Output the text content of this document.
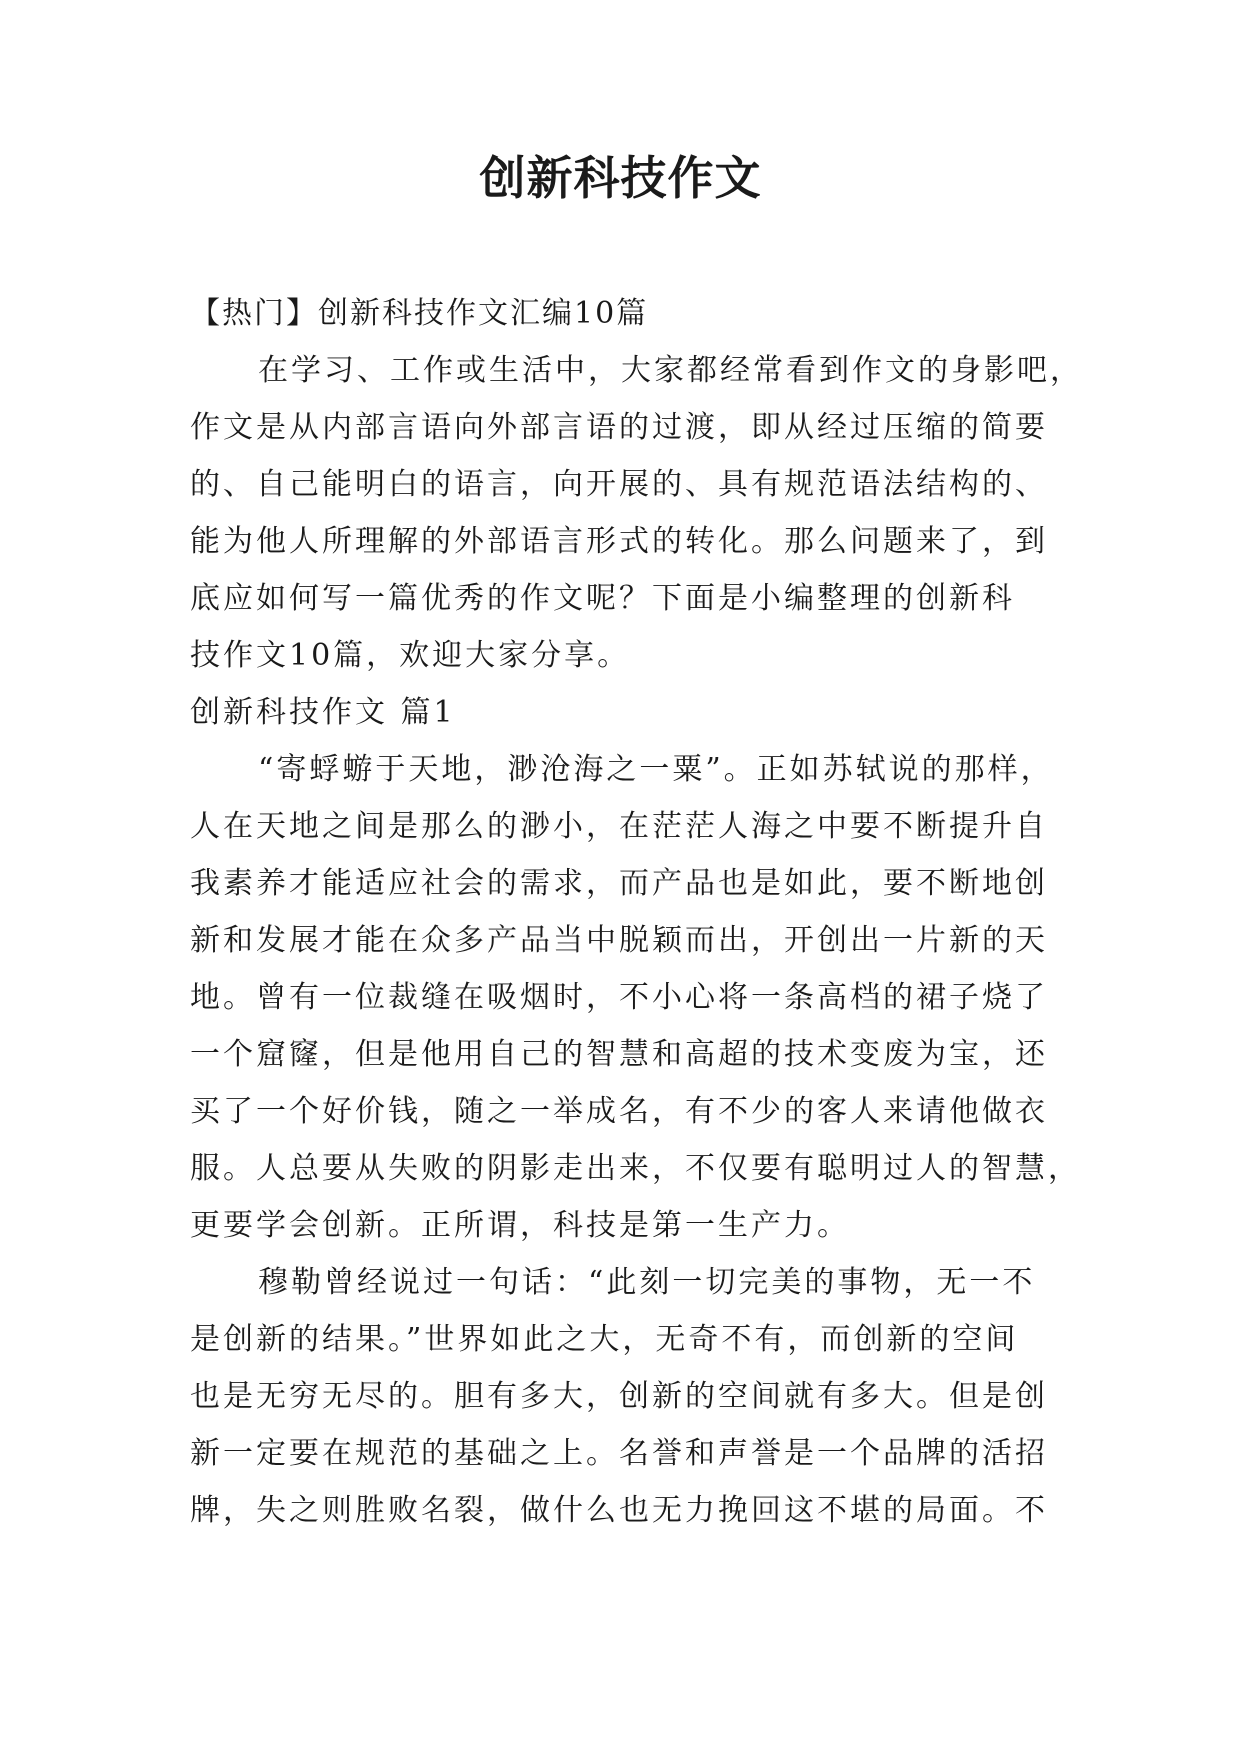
创新科技作文

【热门】创新科技作文汇编10篇

在学习、工作或生活中，大家都经常看到作文的身影吧，

作文是从内部言语向外部言语的过渡，即从经过压缩的简要

的、自己能明白的语言，向开展的、具有规范语法结构的、

能为他人所理解的外部语言形式的转化。那么问题来了，到

底应如何写一篇优秀的作文呢？下面是小编整理的创新科

技作文10篇，欢迎大家分享。

创新科技作文 篇1

“寄蜉蝣于天地，渺沧海之一粟”。正如苏轼说的那样，

人在天地之间是那么的渺小，在茫茫人海之中要不断提升自

我素养才能适应社会的需求，而产品也是如此，要不断地创

新和发展才能在众多产品当中脱颖而出，开创出一片新的天

地。曾有一位裁缝在吸烟时，不小心将一条高档的裙子烧了

一个窟窿，但是他用自己的智慧和高超的技术变废为宝，还

买了一个好价钱，随之一举成名，有不少的客人来请他做衣

服。人总要从失败的阴影走出来，不仅要有聪明过人的智慧，

更要学会创新。正所谓，科技是第一生产力。

穆勒曾经说过一句话：“此刻一切完美的事物，无一不

是创新的结果。”世界如此之大，无奇不有，而创新的空间

也是无穷无尽的。胆有多大，创新的空间就有多大。但是创

新一定要在规范的基础之上。名誉和声誉是一个品牌的活招

牌，失之则胜败名裂，做什么也无力挽回这不堪的局面。不
